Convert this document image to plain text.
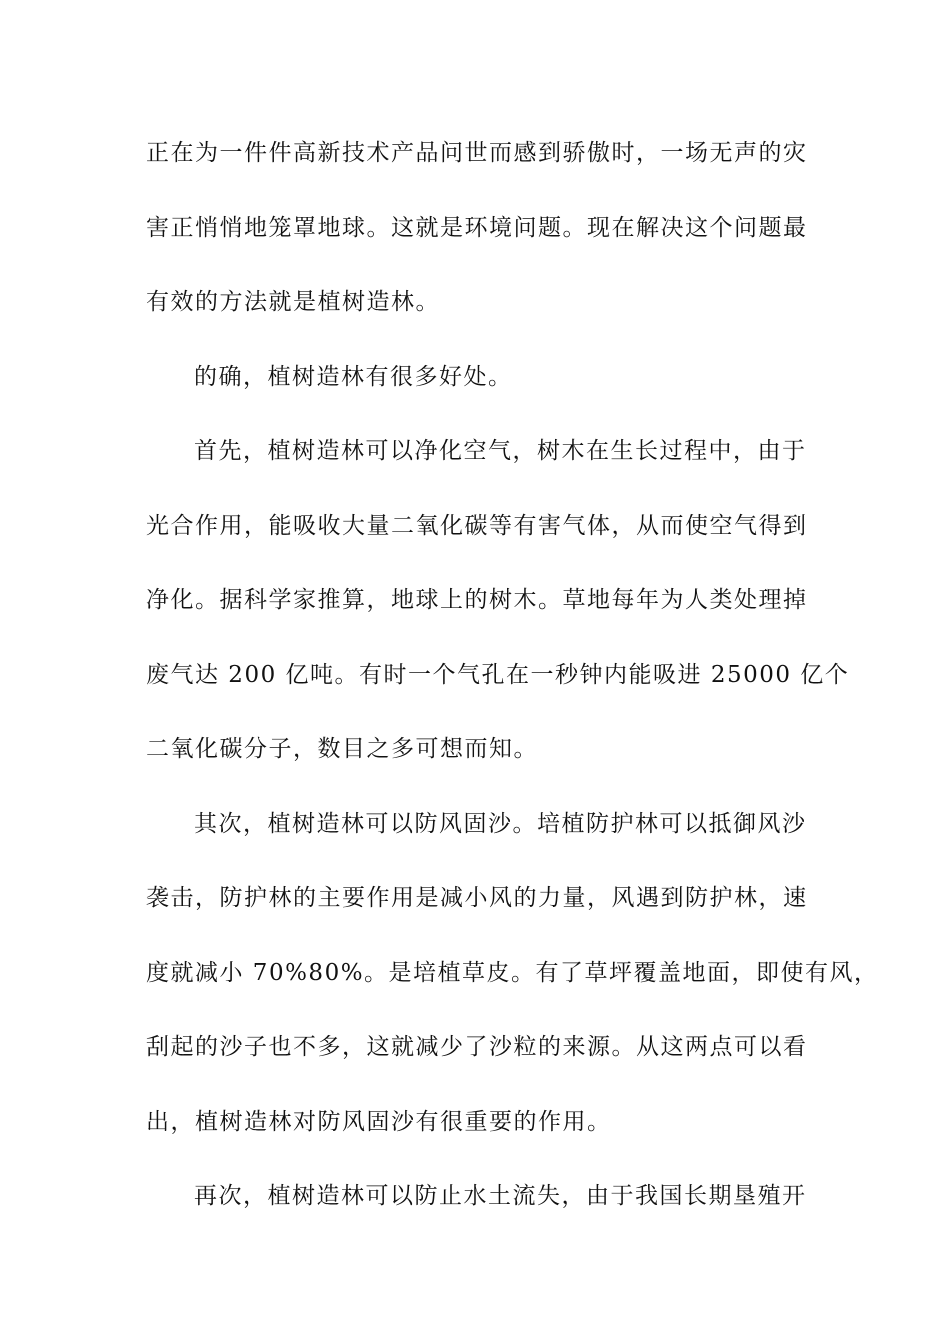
正在为一件件高新技术产品问世而感到骄傲时，一场无声的灾
害正悄悄地笼罩地球。这就是环境问题。现在解决这个问题最
有效的方法就是植树造林。
的确，植树造林有很多好处。
首先，植树造林可以净化空气，树木在生长过程中，由于
光合作用，能吸收大量二氧化碳等有害气体，从而使空气得到
净化。据科学家推算，地球上的树木。草地每年为人类处理掉
废气达 200 亿吨。有时一个气孔在一秒钟内能吸进 25000 亿个
二氧化碳分子，数目之多可想而知。
其次，植树造林可以防风固沙。培植防护林可以抵御风沙
袭击，防护林的主要作用是减小风的力量，风遇到防护林，速
度就减小 70%80%。是培植草皮。有了草坪覆盖地面，即使有风，
刮起的沙子也不多，这就减少了沙粒的来源。从这两点可以看
出，植树造林对防风固沙有很重要的作用。
再次，植树造林可以防止水土流失，由于我国长期垦殖开
